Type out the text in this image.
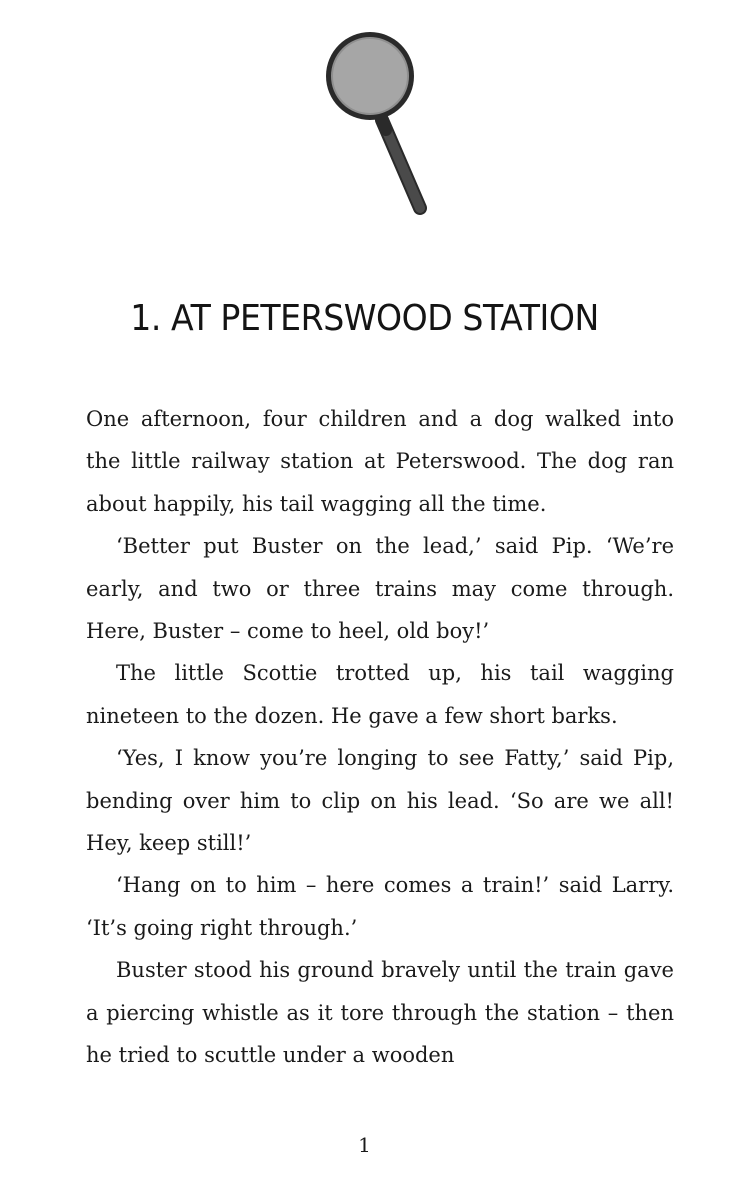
1. AT PETERSWOOD STATION

One afternoon, four children and a dog walked into the little railway station at Peterswood. The dog ran about happily, his tail wagging all the time.

‘Better put Buster on the lead,’ said Pip. ‘We’re early, and two or three trains may come through. Here, Buster – come to heel, old boy!’

The little Scottie trotted up, his tail wagging nineteen to the dozen. He gave a few short barks.

‘Yes, I know you’re longing to see Fatty,’ said Pip, bending over him to clip on his lead. ‘So are we all! Hey, keep still!’

‘Hang on to him – here comes a train!’ said Larry. ‘It’s going right through.’

Buster stood his ground bravely until the train gave a piercing whistle as it tore through the station – then he tried to scuttle under a wooden

1
